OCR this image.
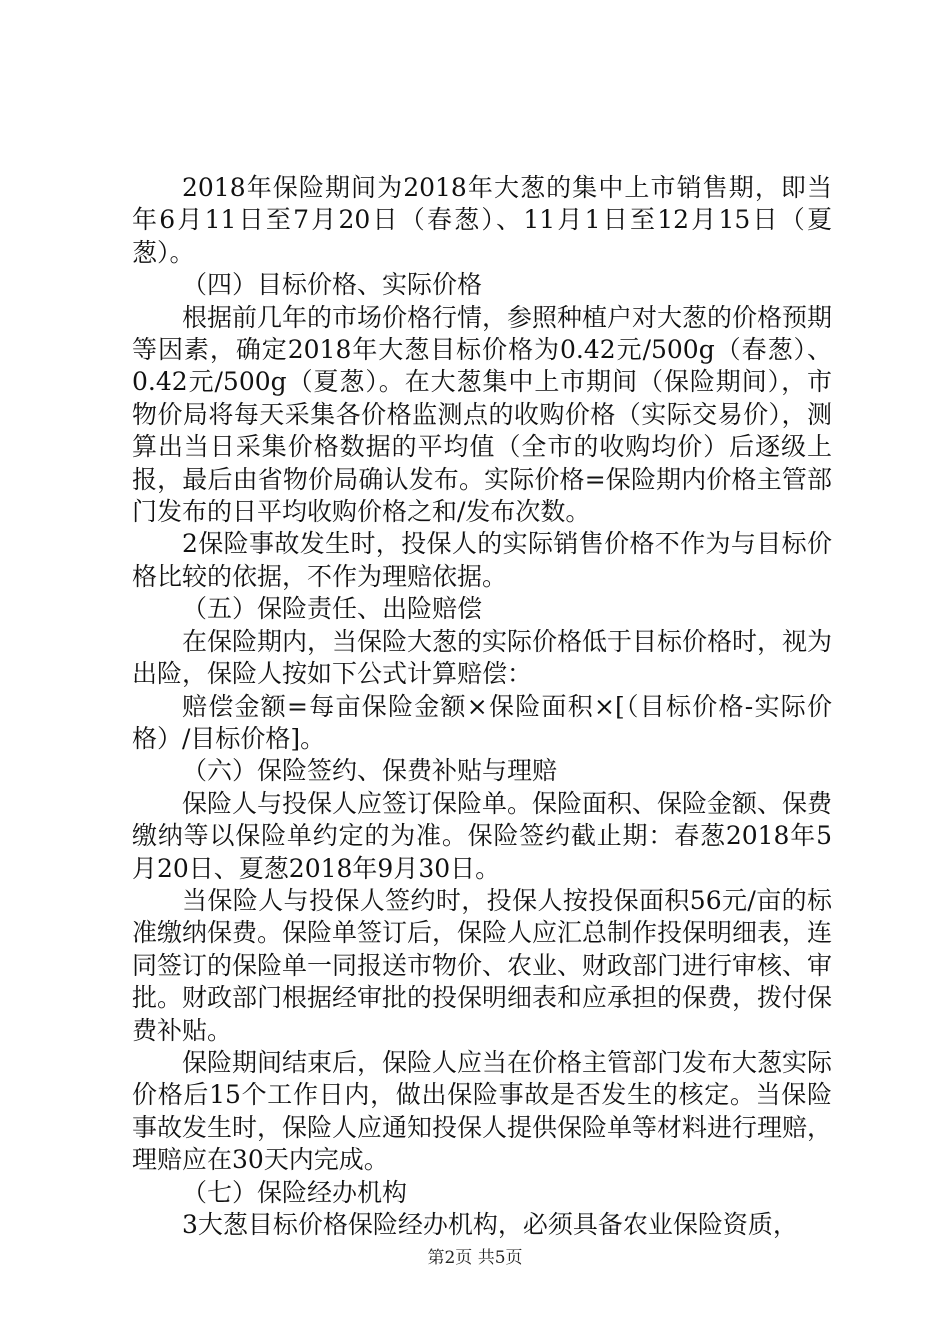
2018年保险期间为2018年大葱的集中上市销售期，即当年6月11日至7月20日（春葱）、11月1日至12月15日（夏葱）。

（四）目标价格、实际价格

根据前几年的市场价格行情，参照种植户对大葱的价格预期等因素，确定2018年大葱目标价格为0.42元/500g（春葱）、0.42元/500g（夏葱）。在大葱集中上市期间（保险期间），市物价局将每天采集各价格监测点的收购价格（实际交易价），测算出当日采集价格数据的平均值（全市的收购均价）后逐级上报，最后由省物价局确认发布。实际价格=保险期内价格主管部门发布的日平均收购价格之和/发布次数。

2保险事故发生时，投保人的实际销售价格不作为与目标价格比较的依据，不作为理赔依据。

（五）保险责任、出险赔偿

在保险期内，当保险大葱的实际价格低于目标价格时，视为出险，保险人按如下公式计算赔偿：

赔偿金额=每亩保险金额×保险面积×[（目标价格-实际价格）/目标价格]。

（六）保险签约、保费补贴与理赔

保险人与投保人应签订保险单。保险面积、保险金额、保费缴纳等以保险单约定的为准。保险签约截止期：春葱2018年5月20日、夏葱2018年9月30日。

当保险人与投保人签约时，投保人按投保面积56元/亩的标准缴纳保费。保险单签订后，保险人应汇总制作投保明细表，连同签订的保险单一同报送市物价、农业、财政部门进行审核、审批。财政部门根据经审批的投保明细表和应承担的保费，拨付保费补贴。

保险期间结束后，保险人应当在价格主管部门发布大葱实际价格后15个工作日内，做出保险事故是否发生的核定。当保险事故发生时，保险人应通知投保人提供保险单等材料进行理赔，理赔应在30天内完成。

（七）保险经办机构

3大葱目标价格保险经办机构，必须具备农业保险资质，

第2页 共5页
